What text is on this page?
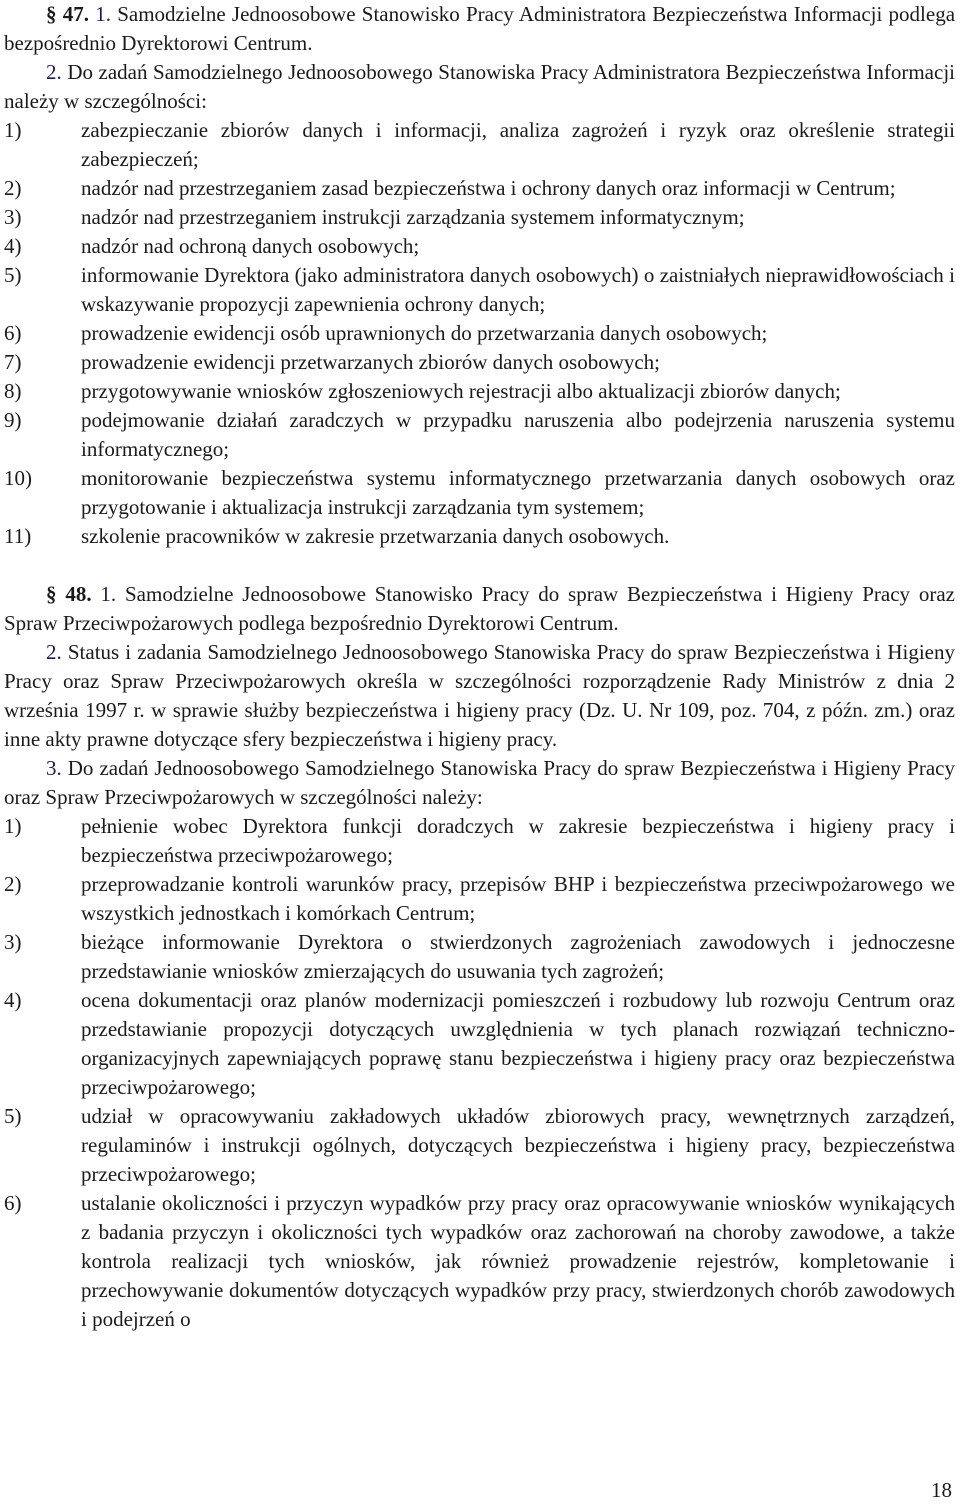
§ 47. 1. Samodzielne Jednoosobowe Stanowisko Pracy Administratora Bezpieczeństwa Informacji podlega bezpośrednio Dyrektorowi Centrum.

2. Do zadań Samodzielnego Jednoosobowego Stanowiska Pracy Administratora Bezpieczeństwa Informacji należy w szczególności:

1)	zabezpieczanie zbiorów danych i informacji, analiza zagrożeń i ryzyk oraz określenie strategii zabezpieczeń;
2)	nadzór nad przestrzeganiem zasad bezpieczeństwa i ochrony danych oraz informacji w Centrum;
3)	nadzór nad przestrzeganiem instrukcji zarządzania systemem informatycznym;
4)	nadzór nad ochroną danych osobowych;
5)	informowanie Dyrektora (jako administratora danych osobowych) o zaistniałych nieprawidłowościach i wskazywanie propozycji zapewnienia ochrony danych;
6)	prowadzenie ewidencji osób uprawnionych do przetwarzania danych osobowych;
7)	prowadzenie ewidencji przetwarzanych zbiorów danych osobowych;
8)	przygotowywanie wniosków zgłoszeniowych rejestracji albo aktualizacji zbiorów danych;
9)	podejmowanie działań zaradczych w przypadku naruszenia albo podejrzenia naruszenia systemu informatycznego;
10)	monitorowanie bezpieczeństwa systemu informatycznego przetwarzania danych osobowych oraz przygotowanie i aktualizacja instrukcji zarządzania tym systemem;
11)	szkolenie pracowników w zakresie przetwarzania danych osobowych.

§ 48. 1. Samodzielne Jednoosobowe Stanowisko Pracy do spraw Bezpieczeństwa i Higieny Pracy oraz Spraw Przeciwpożarowych podlega bezpośrednio Dyrektorowi Centrum.

2. Status i zadania Samodzielnego Jednoosobowego Stanowiska Pracy do spraw Bezpieczeństwa i Higieny Pracy oraz Spraw Przeciwpożarowych określa w szczególności rozporządzenie Rady Ministrów z dnia 2 września 1997 r. w sprawie służby bezpieczeństwa i higieny pracy (Dz. U. Nr 109, poz. 704, z późn. zm.) oraz inne akty prawne dotyczące sfery bezpieczeństwa i higieny pracy.

3. Do zadań Jednoosobowego Samodzielnego Stanowiska Pracy do spraw Bezpieczeństwa i Higieny Pracy oraz Spraw Przeciwpożarowych w szczególności należy:

1)	pełnienie wobec Dyrektora funkcji doradczych w zakresie bezpieczeństwa i higieny pracy i bezpieczeństwa przeciwpożarowego;
2)	przeprowadzanie kontroli warunków pracy, przepisów BHP i bezpieczeństwa przeciwpożarowego we wszystkich jednostkach i komórkach Centrum;
3)	bieżące informowanie Dyrektora o stwierdzonych zagrożeniach zawodowych i jednoczesne przedstawianie wniosków zmierzających do usuwania tych zagrożeń;
4)	ocena dokumentacji oraz planów modernizacji pomieszczeń i rozbudowy lub rozwoju Centrum oraz przedstawianie propozycji dotyczących uwzględnienia w tych planach rozwiązań techniczno-organizacyjnych zapewniających poprawę stanu bezpieczeństwa i higieny pracy oraz bezpieczeństwa przeciwpożarowego;
5)	udział w opracowywaniu zakładowych układów zbiorowych pracy, wewnętrznych zarządzeń, regulaminów i instrukcji ogólnych, dotyczących bezpieczeństwa i higieny pracy, bezpieczeństwa przeciwpożarowego;
6)	ustalanie okoliczności i przyczyn wypadków przy pracy oraz opracowywanie wniosków wynikających z badania przyczyn i okoliczności tych wypadków oraz zachorowań na choroby zawodowe, a także kontrola realizacji tych wniosków, jak również prowadzenie rejestrów, kompletowanie i przechowywanie dokumentów dotyczących wypadków przy pracy, stwierdzonych chorób zawodowych i podejrzeń o
18
